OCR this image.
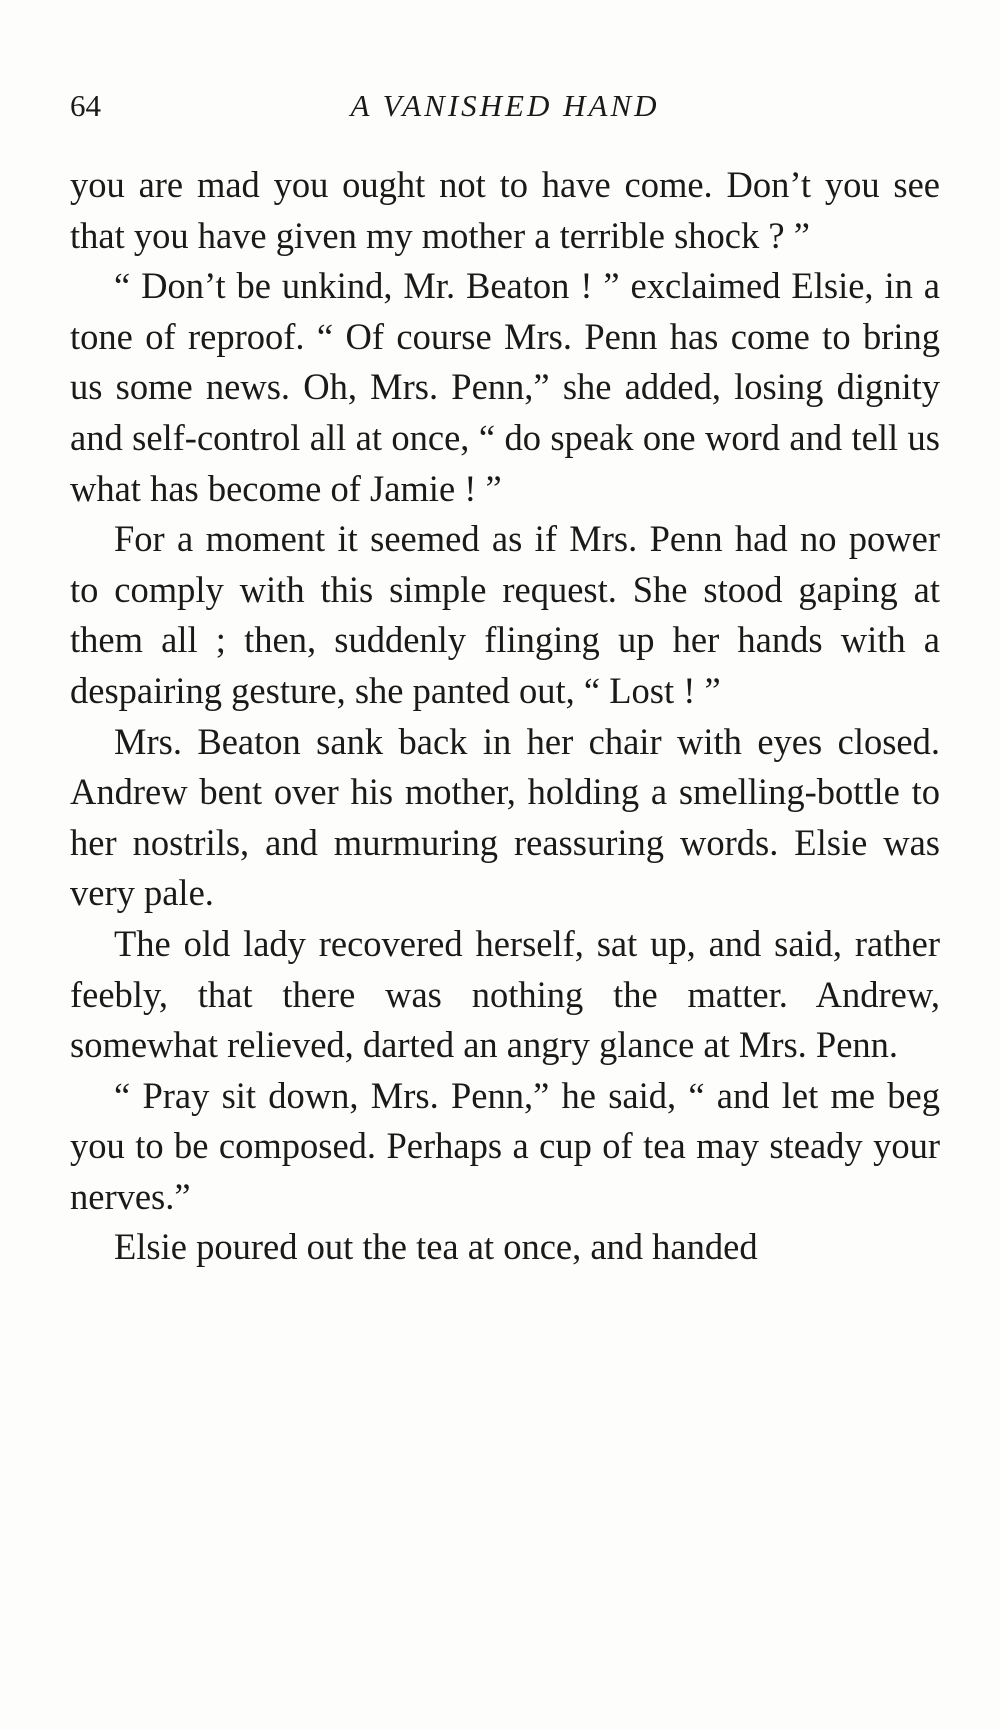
64	A VANISHED HAND

you are mad you ought not to have come. Don’t you see that you have given my mother a terrible shock ? ”

“ Don’t be unkind, Mr. Beaton ! ” exclaimed Elsie, in a tone of reproof. “ Of course Mrs. Penn has come to bring us some news. Oh, Mrs. Penn,” she added, losing dignity and self-control all at once, “ do speak one word and tell us what has become of Jamie ! ”

For a moment it seemed as if Mrs. Penn had no power to comply with this simple request. She stood gaping at them all ; then, suddenly flinging up her hands with a despairing gesture, she panted out, “ Lost ! ”

Mrs. Beaton sank back in her chair with eyes closed. Andrew bent over his mother, holding a smelling-bottle to her nostrils, and murmuring reassuring words. Elsie was very pale.

The old lady recovered herself, sat up, and said, rather feebly, that there was nothing the matter. Andrew, somewhat relieved, darted an angry glance at Mrs. Penn.

“ Pray sit down, Mrs. Penn,” he said, “ and let me beg you to be composed. Perhaps a cup of tea may steady your nerves.”

Elsie poured out the tea at once, and handed
